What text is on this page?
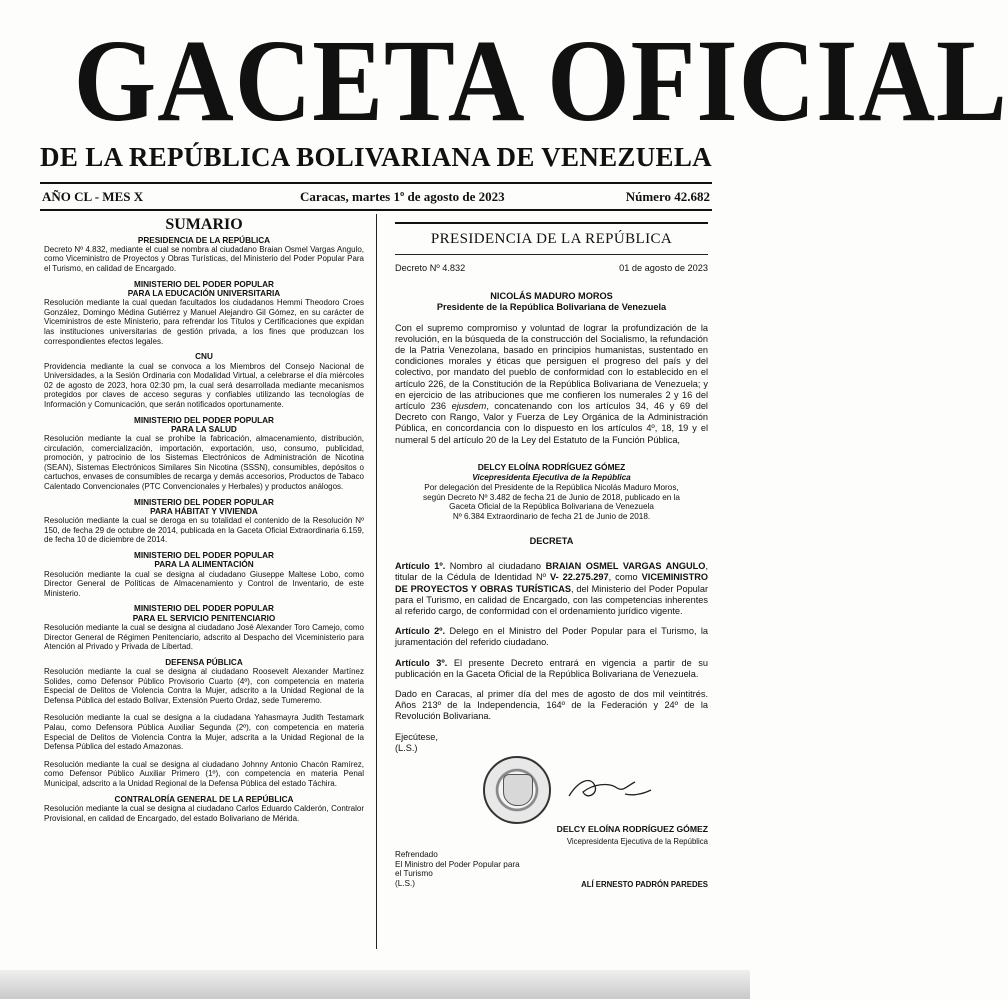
GACETA OFICIAL
DE LA REPÚBLICA BOLIVARIANA DE VENEZUELA
AÑO CL - MES X	Caracas, martes 1º de agosto de 2023	Número 42.682
SUMARIO
PRESIDENCIA DE LA REPÚBLICA

Decreto Nº 4.832, mediante el cual se nombra al ciudadano Braian Osmel Vargas Angulo, como Viceministro de Proyectos y Obras Turísticas, del Ministerio del Poder Popular Para el Turismo, en calidad de Encargado.

MINISTERIO DEL PODER POPULAR
PARA LA EDUCACIÓN UNIVERSITARIA

Resolución mediante la cual quedan facultados los ciudadanos Hemmi Theodoro Croes González, Domingo Médina Gutiérrez y Manuel Alejandro Gil Gómez, en su carácter de Viceministros de este Ministerio, para refrendar los Títulos y Certificaciones que expidan las instituciones universitarias de gestión privada, a los fines que produzcan los correspondientes efectos legales.

CNU

Providencia mediante la cual se convoca a los Miembros del Consejo Nacional de Universidades, a la Sesión Ordinaria con Modalidad Virtual, a celebrarse el día miércoles 02 de agosto de 2023, hora 02:30 pm, la cual será desarrollada mediante mecanismos protegidos por claves de acceso seguras y confiables utilizando las tecnologías de Información y Comunicación, que serán notificados oportunamente.

MINISTERIO DEL PODER POPULAR
PARA LA SALUD

Resolución mediante la cual se prohíbe la fabricación, almacenamiento, distribución, circulación, comercialización, importación, exportación, uso, consumo, publicidad, promoción, y patrocinio de los Sistemas Electrónicos de Administración de Nicotina (SEAN), Sistemas Electrónicos Similares Sin Nicotina (SSSN), consumibles, depósitos o cartuchos, envases de consumibles de recarga y demás accesorios, Productos de Tabaco Calentado Convencionales (PTC Convencionales y Herbales) y productos análogos.

MINISTERIO DEL PODER POPULAR
PARA HÁBITAT Y VIVIENDA

Resolución mediante la cual se deroga en su totalidad el contenido de la Resolución Nº 150, de fecha 29 de octubre de 2014, publicada en la Gaceta Oficial Extraordinaria 6.159, de fecha 10 de diciembre de 2014.

MINISTERIO DEL PODER POPULAR
PARA LA ALIMENTACIÓN

Resolución mediante la cual se designa al ciudadano Giuseppe Maltese Lobo, como Director General de Políticas de Almacenamiento y Control de Inventario, de este Ministerio.

MINISTERIO DEL PODER POPULAR
PARA EL SERVICIO PENITENCIARIO

Resolución mediante la cual se designa al ciudadano José Alexander Toro Camejo, como Director General de Régimen Penitenciario, adscrito al Despacho del Viceministerio para Atención al Privado y Privada de Libertad.

DEFENSA PÚBLICA

Resolución mediante la cual se designa al ciudadano Roosevelt Alexander Martínez Solides, como Defensor Público Provisorio Cuarto (4º), con competencia en materia Especial de Delitos de Violencia Contra la Mujer, adscrito a la Unidad Regional de la Defensa Pública del estado Bolívar, Extensión Puerto Ordaz, sede Tumeremo.

Resolución mediante la cual se designa a la ciudadana Yahasmayra Judith Testamark Palau, como Defensora Pública Auxiliar Segunda (2º), con competencia en materia Especial de Delitos de Violencia Contra la Mujer, adscrita a la Unidad Regional de la Defensa Pública del estado Amazonas.

Resolución mediante la cual se designa al ciudadano Johnny Antonio Chacón Ramírez, como Defensor Público Auxiliar Primero (1º), con competencia en materia Penal Municipal, adscrito a la Unidad Regional de la Defensa Pública del estado Táchira.

CONTRALORÍA GENERAL DE LA REPÚBLICA

Resolución mediante la cual se designa al ciudadano Carlos Eduardo Calderón, Contralor Provisional, en calidad de Encargado, del estado Bolivariano de Mérida.

PRESIDENCIA DE LA REPÚBLICA
Decreto Nº 4.832	01 de agosto de 2023
NICOLÁS MADURO MOROS
Presidente de la República Bolivariana de Venezuela

Con el supremo compromiso y voluntad de lograr la profundización de la revolución, en la búsqueda de la construcción del Socialismo, la refundación de la Patria Venezolana, basado en principios humanistas, sustentado en condiciones morales y éticas que persiguen el progreso del país y del colectivo, por mandato del pueblo de conformidad con lo establecido en el artículo 226, de la Constitución de la República Bolivariana de Venezuela; y en ejercicio de las atribuciones que me confieren los numerales 2 y 16 del artículo 236 ejusdem, concatenando con los artículos 34, 46 y 69 del Decreto con Rango, Valor y Fuerza de Ley Orgánica de la Administración Pública, en concordancia con lo dispuesto en los artículos 4º, 18, 19 y el numeral 5 del artículo 20 de la Ley del Estatuto de la Función Pública,

DELCY ELOÍNA RODRÍGUEZ GÓMEZ
Vicepresidenta Ejecutiva de la República
Por delegación del Presidente de la República Nicolás Maduro Moros,
según Decreto Nº 3.482 de fecha 21 de Junio de 2018, publicado en la
Gaceta Oficial de la República Bolivariana de Venezuela
Nº 6.384 Extraordinario de fecha 21 de Junio de 2018.
DECRETA

Artículo 1º. Nombro al ciudadano BRAIAN OSMEL VARGAS ANGULO, titular de la Cédula de Identidad Nº V- 22.275.297, como VICEMINISTRO DE PROYECTOS Y OBRAS TURÍSTICAS, del Ministerio del Poder Popular para el Turismo, en calidad de Encargado, con las competencias inherentes al referido cargo, de conformidad con el ordenamiento jurídico vigente.

Artículo 2º. Delego en el Ministro del Poder Popular para el Turismo, la juramentación del referido ciudadano.

Artículo 3º. El presente Decreto entrará en vigencia a partir de su publicación en la Gaceta Oficial de la República Bolivariana de Venezuela.

Dado en Caracas, al primer día del mes de agosto de dos mil veintitrés. Años 213º de la Independencia, 164º de la Federación y 24º de la Revolución Bolivariana.

Ejecútese,
(L.S.)
DELCY ELOÍNA RODRÍGUEZ GÓMEZ
Vicepresidenta Ejecutiva de la República
Refrendado
El Ministro del Poder Popular para
el Turismo
(L.S.)	ALÍ ERNESTO PADRÓN PAREDES
